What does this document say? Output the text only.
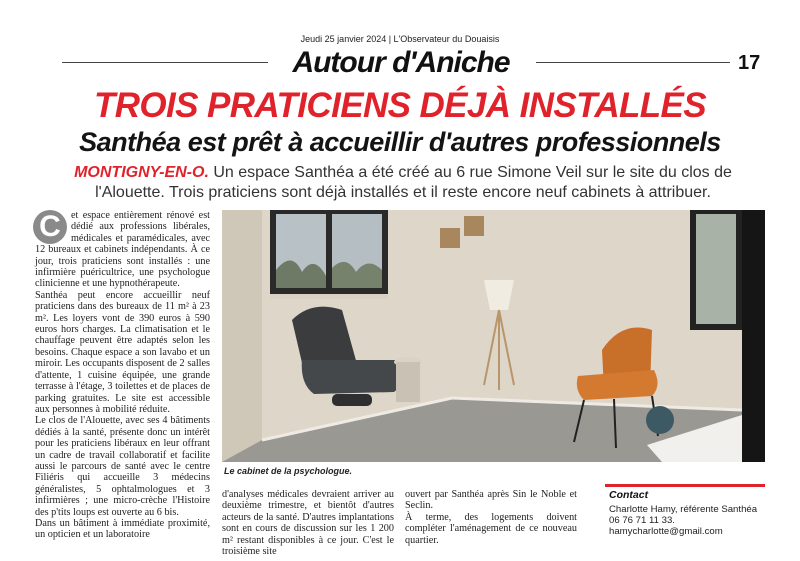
Jeudi 25 janvier 2024 | L'Observateur du Douaisis
Autour d'Aniche	17
TROIS PRATICIENS DÉJÀ INSTALLÉS
Santhéa est prêt à accueillir d'autres professionnels
MONTIGNY-EN-O. Un espace Santhéa a été créé au 6 rue Simone Veil sur le site du clos de l'Alouette. Trois praticiens sont déjà installés et il reste encore neuf cabinets à attribuer.

C et espace entièrement rénové est dédié aux professions libérales, médicales et paramédicales, avec 12 bureaux et cabinets indépendants. À ce jour, trois praticiens sont installés : une infirmière puéricultrice, une psychologue clinicienne et une hypnothérapeute.

Santhéa peut encore accueillir neuf praticiens dans des bureaux de 11 m² à 23 m². Les loyers vont de 390 euros à 590 euros hors charges. La climatisation et le chauffage peuvent être adaptés selon les besoins. Chaque espace a son lavabo et un miroir. Les occupants disposent de 2 salles d'attente, 1 cuisine équipée, une grande terrasse à l'étage, 3 toilettes et de places de parking gratuites. Le site est accessible aux personnes à mobilité réduite.

Le clos de l'Alouette, avec ses 4 bâtiments dédiés à la santé, présente donc un intérêt pour les praticiens libéraux en leur offrant un cadre de travail collaboratif et facilite aussi le parcours de santé avec le centre Filiéris qui accueille 3 médecins généralistes, 5 ophtalmologues et 3 infirmières ; une micro-crèche l'Histoire des p'tits loups est ouverte au 6 bis.

Dans un bâtiment à immédiate proximité, un opticien et un laboratoire

Le cabinet de la psychologue.

d'analyses médicales devraient arriver au deuxième trimestre, et bientôt d'autres acteurs de la santé. D'autres implantations sont en cours de discussion sur les 1 200 m² restant disponibles à ce jour. C'est le troisième site

ouvert par Santhéa après Sin le Noble et Seclin.

À terme, des logements doivent compléter l'aménagement de ce nouveau quartier.

Contact
Charlotte Hamy, référente Santhéa
06 76 71 11 33.
hamycharlotte@gmail.com
